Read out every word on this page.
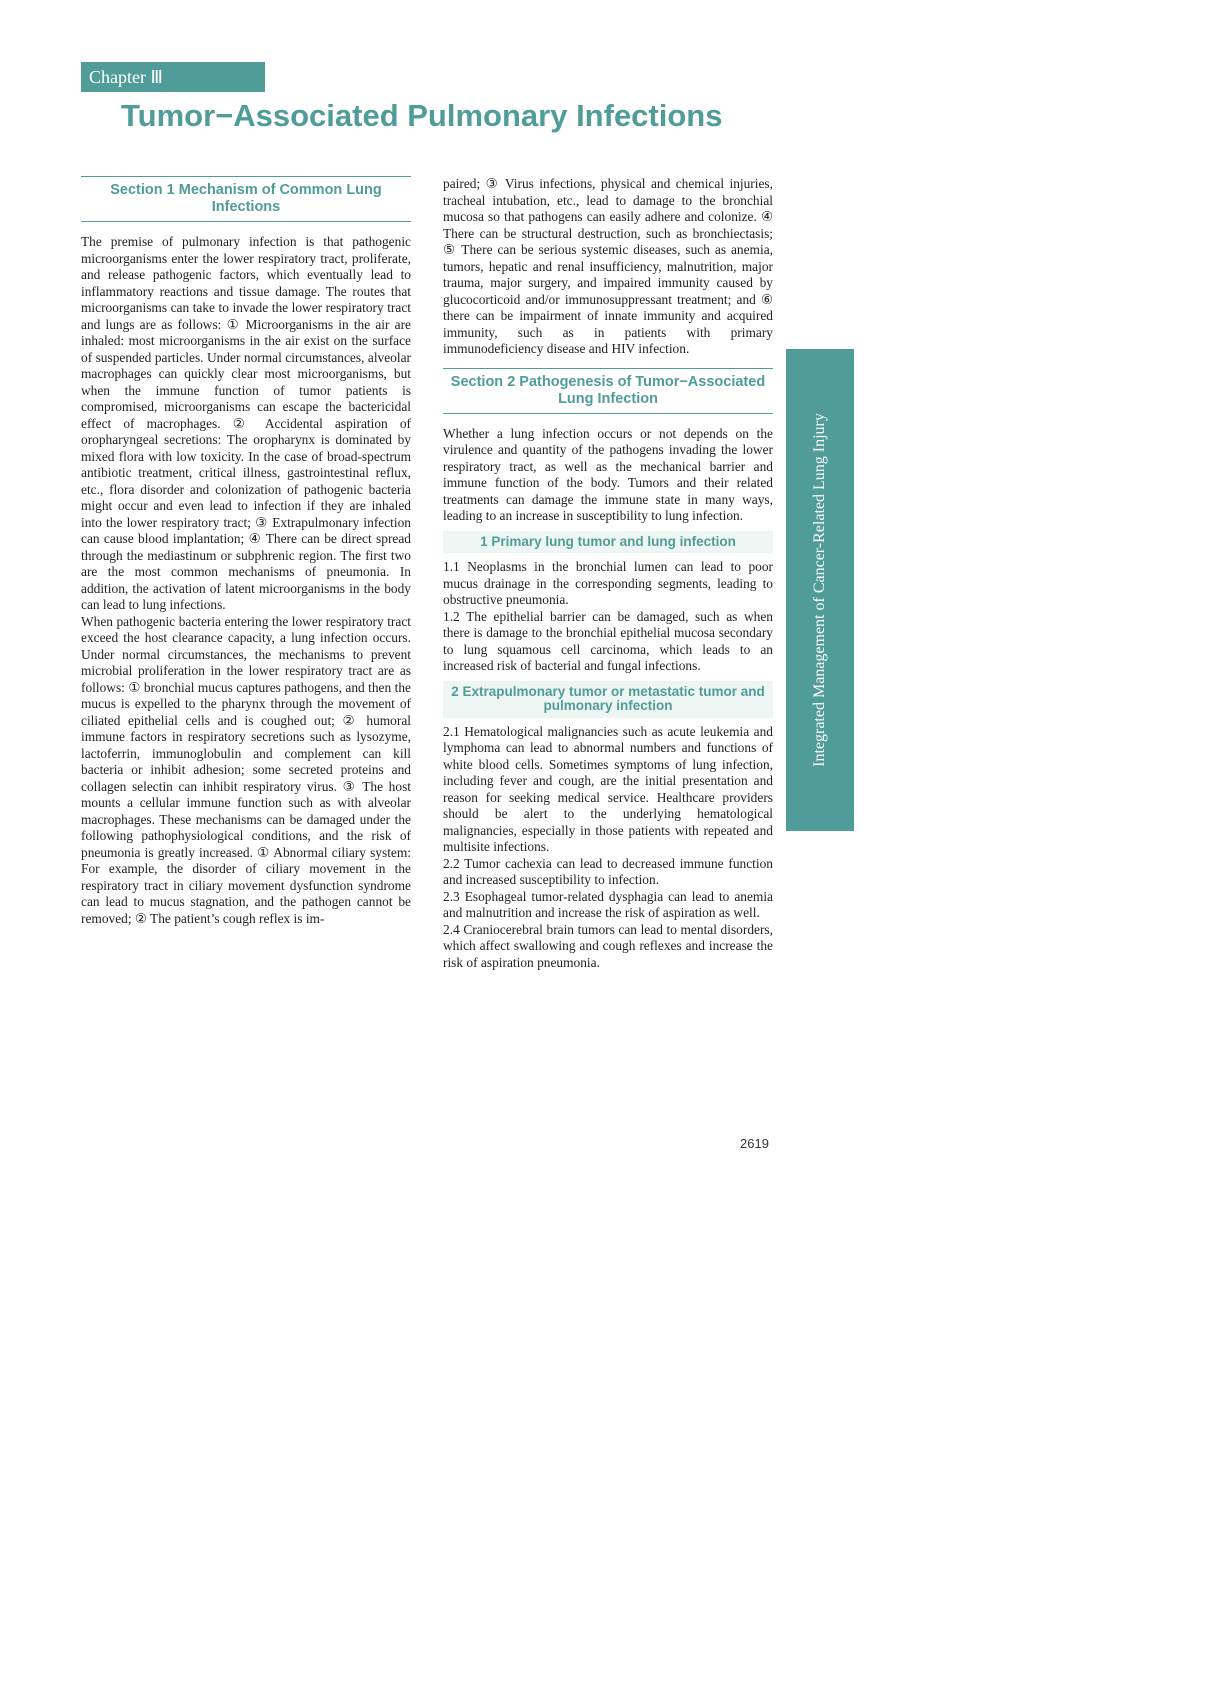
Chapter Ⅲ
Tumor−Associated Pulmonary Infections
Section 1 Mechanism of Common Lung Infections

The premise of pulmonary infection is that pathogenic microorganisms enter the lower respiratory tract, proliferate, and release pathogenic factors, which eventually lead to inflammatory reactions and tissue damage. The routes that microorganisms can take to invade the lower respiratory tract and lungs are as follows: ① Microorganisms in the air are inhaled: most microorganisms in the air exist on the surface of suspended particles. Under normal circumstances, alveolar macrophages can quickly clear most microorganisms, but when the immune function of tumor patients is compromised, microorganisms can escape the bactericidal effect of macrophages. ② Accidental aspiration of oropharyngeal secretions: The oropharynx is dominated by mixed flora with low toxicity. In the case of broad-spectrum antibiotic treatment, critical illness, gastrointestinal reflux, etc., flora disorder and colonization of pathogenic bacteria might occur and even lead to infection if they are inhaled into the lower respiratory tract; ③ Extrapulmonary infection can cause blood implantation; ④ There can be direct spread through the mediastinum or subphrenic region. The first two are the most common mechanisms of pneumonia. In addition, the activation of latent microorganisms in the body can lead to lung infections.

When pathogenic bacteria entering the lower respiratory tract exceed the host clearance capacity, a lung infection occurs. Under normal circumstances, the mechanisms to prevent microbial proliferation in the lower respiratory tract are as follows: ① bronchial mucus captures pathogens, and then the mucus is expelled to the pharynx through the movement of ciliated epithelial cells and is coughed out; ② humoral immune factors in respiratory secretions such as lysozyme, lactoferrin, immunoglobulin and complement can kill bacteria or inhibit adhesion; some secreted proteins and collagen selectin can inhibit respiratory virus. ③ The host mounts a cellular immune function such as with alveolar macrophages. These mechanisms can be damaged under the following pathophysiological conditions, and the risk of pneumonia is greatly increased. ① Abnormal ciliary system: For example, the disorder of ciliary movement in the respiratory tract in ciliary movement dysfunction syndrome can lead to mucus stagnation, and the pathogen cannot be removed; ② The patient’s cough reflex is im-

paired; ③ Virus infections, physical and chemical injuries, tracheal intubation, etc., lead to damage to the bronchial mucosa so that pathogens can easily adhere and colonize. ④ There can be structural destruction, such as bronchiectasis; ⑤ There can be serious systemic diseases, such as anemia, tumors, hepatic and renal insufficiency, malnutrition, major trauma, major surgery, and impaired immunity caused by glucocorticoid and/or immunosuppressant treatment; and ⑥ there can be impairment of innate immunity and acquired immunity, such as in patients with primary immunodeficiency disease and HIV infection.

Section 2 Pathogenesis of Tumor−Associated Lung Infection

Whether a lung infection occurs or not depends on the virulence and quantity of the pathogens invading the lower respiratory tract, as well as the mechanical barrier and immune function of the body. Tumors and their related treatments can damage the immune state in many ways, leading to an increase in susceptibility to lung infection.

1 Primary lung tumor and lung infection

1.1 Neoplasms in the bronchial lumen can lead to poor mucus drainage in the corresponding segments, leading to obstructive pneumonia.

1.2 The epithelial barrier can be damaged, such as when there is damage to the bronchial epithelial mucosa secondary to lung squamous cell carcinoma, which leads to an increased risk of bacterial and fungal infections.

2 Extrapulmonary tumor or metastatic tumor and pulmonary infection

2.1 Hematological malignancies such as acute leukemia and lymphoma can lead to abnormal numbers and functions of white blood cells. Sometimes symptoms of lung infection, including fever and cough, are the initial presentation and reason for seeking medical service. Healthcare providers should be alert to the underlying hematological malignancies, especially in those patients with repeated and multisite infections.

2.2 Tumor cachexia can lead to decreased immune function and increased susceptibility to infection.

2.3 Esophageal tumor-related dysphagia can lead to anemia and malnutrition and increase the risk of aspiration as well.

2.4 Craniocerebral brain tumors can lead to mental disorders, which affect swallowing and cough reflexes and increase the risk of aspiration pneumonia.

Integrated Management of Cancer-Related Lung Injury
2619
